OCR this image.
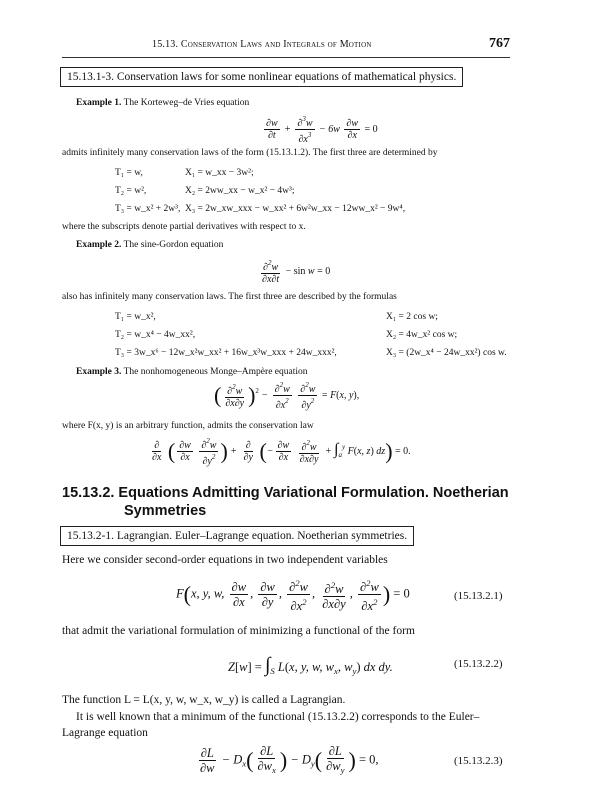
15.13. Conservation Laws and Integrals of Motion	767
15.13.1-3. Conservation laws for some nonlinear equations of mathematical physics.
Example 1. The Korteweg–de Vries equation
$\frac{\partial w}{\partial t} + \frac{\partial^3w}{\partial x^3} - 6w \frac{\partial w}{\partial x} = 0$
admits infinitely many conservation laws of the form (15.13.1.2). The first three are determined by
T₁ = w,	X₁ = w_xx − 3w²;
T₂ = w²,	X₂ = 2ww_xx − w_x² − 4w³;
T₃ = w_x² + 2w³, X₃ = 2w_xw_xxx − w_xx² + 6w²w_xx − 12ww_x² − 9w⁴,
where the subscripts denote partial derivatives with respect to x.
Example 2. The sine-Gordon equation
$\frac{\partial^2w}{\partial x\partial t} - \sin w = 0$
also has infinitely many conservation laws. The first three are described by the formulas
T₁ = w_x²,	X₁ = 2 cos w;
T₂ = w_x⁴ − 4w_xx²,	X₂ = 4w_x² cos w;
T₃ = 3w_x⁶ − 12w_x²w_xx² + 16w_x³w_xxx + 24w_xxx²,	X₃ = (2w_x⁴ − 24w_xx²) cos w.
Example 3. The nonhomogeneous Monge–Ampère equation
( $\frac{\partial^2w}{\partial x\partial y} )^2 - \frac{\partial^2w}{\partial x^2}$
$\frac{\partial^2w}{\partial y^2} = F(x$, y),
where F(x, y) is an arbitrary function, admits the conservation law
$\frac{\partial}{\partial x}$ ( $\frac{\partial w}{\partial x}$
$\frac{\partial^2w}{\partial y^2}$ ) + $\frac{\partial}{\partial y}$ (− $\frac{\partial w}{\partial x}$
$\frac{\partial^2w}{\partial x\partial y} + \int_a^y$ F(x, z) dz) = 0.
15.13.2. Equations Admitting Variational Formulation. Noetherian
Symmetries
15.13.2-1. Lagrangian. Euler–Lagrange equation. Noetherian symmetries.
Here we consider second-order equations in two independent variables
F(x, y, w, $\frac{\partial w}{\partial x}$ , $\frac{\partial w}{\partial y}$ , $\frac{\partial^2w}{\partial x^2}$ , $\frac{\partial^2w}{\partial x\partial y}$ , $\frac{\partial^2w}{\partial x^2}$ ) = 0	(15.13.2.1)
that admit the variational formulation of minimizing a functional of the form
$Z[w] = \int_S$ L(x, y, w, $w_x$, $w_y$) dx dy.	(15.13.2.2)
The function L = L(x, y, w, w_x, w_y) is called a Lagrangian.
It is well known that a minimum of the functional (15.13.2.2) corresponds to the Euler–
Lagrange equation
$\frac{\partial L}{\partial w} - D_x( \frac{\partial L}{\partial w_x}$ ) − $D_y( \frac{\partial L}{\partial w_y}$ ) = 0,	(15.13.2.3)
